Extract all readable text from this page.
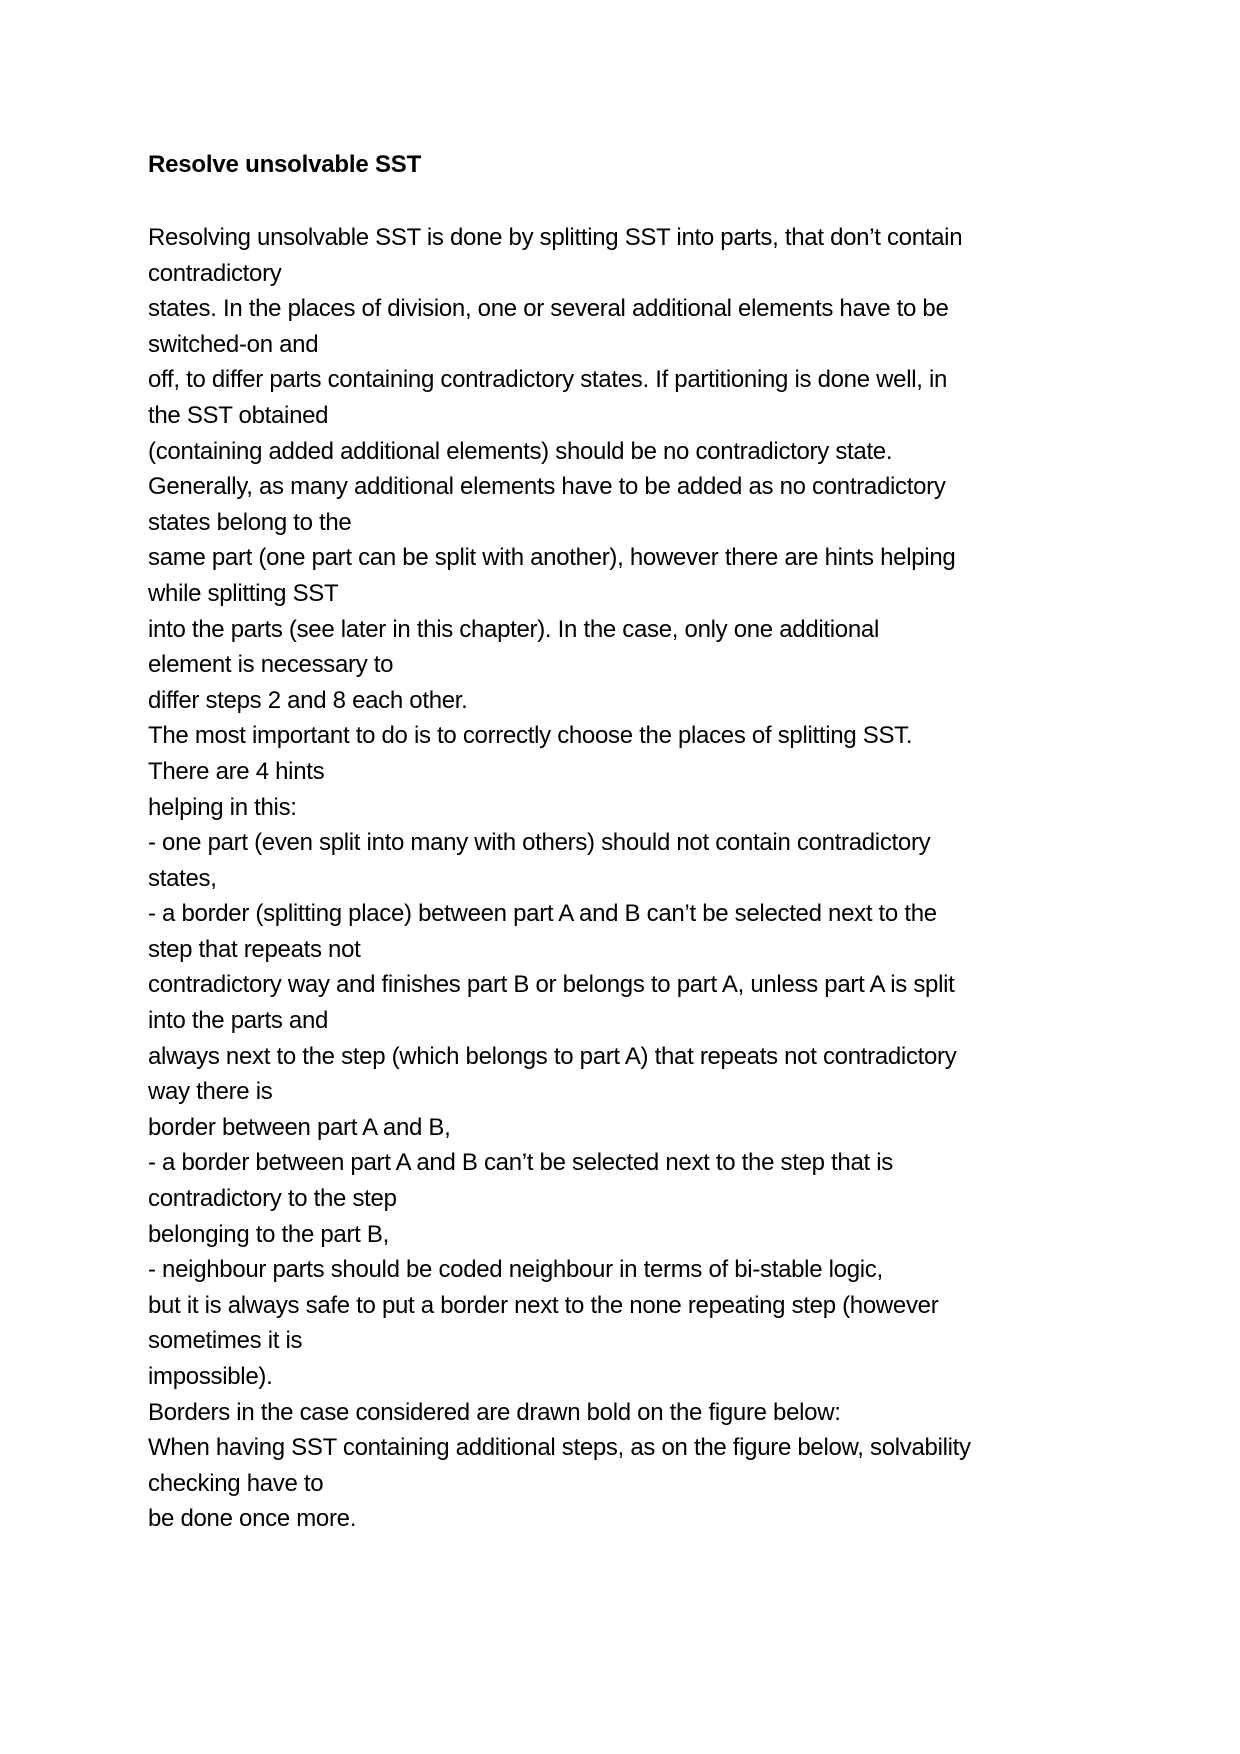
Resolve unsolvable SST
Resolving unsolvable SST is done by splitting SST into parts, that don’t contain
contradictory
states. In the places of division, one or several additional elements have to be
switched-on and
off, to differ parts containing contradictory states. If partitioning is done well, in
the SST obtained
(containing added additional elements) should be no contradictory state.
Generally, as many additional elements have to be added as no contradictory
states belong to the
same part (one part can be split with another), however there are hints helping
while splitting SST
into the parts (see later in this chapter). In the case, only one additional
element is necessary to
differ steps 2 and 8 each other.
The most important to do is to correctly choose the places of splitting SST.
There are 4 hints
helping in this:
- one part (even split into many with others) should not contain contradictory
states,
- a border (splitting place) between part A and B can’t be selected next to the
step that repeats not
contradictory way and finishes part B or belongs to part A, unless part A is split
into the parts and
always next to the step (which belongs to part A) that repeats not contradictory
way there is
border between part A and B,
- a border between part A and B can’t be selected next to the step that is
contradictory to the step
belonging to the part B,
- neighbour parts should be coded neighbour in terms of bi-stable logic,
but it is always safe to put a border next to the none repeating step (however
sometimes it is
impossible).
Borders in the case considered are drawn bold on the figure below:
When having SST containing additional steps, as on the figure below, solvability
checking have to
be done once more.
